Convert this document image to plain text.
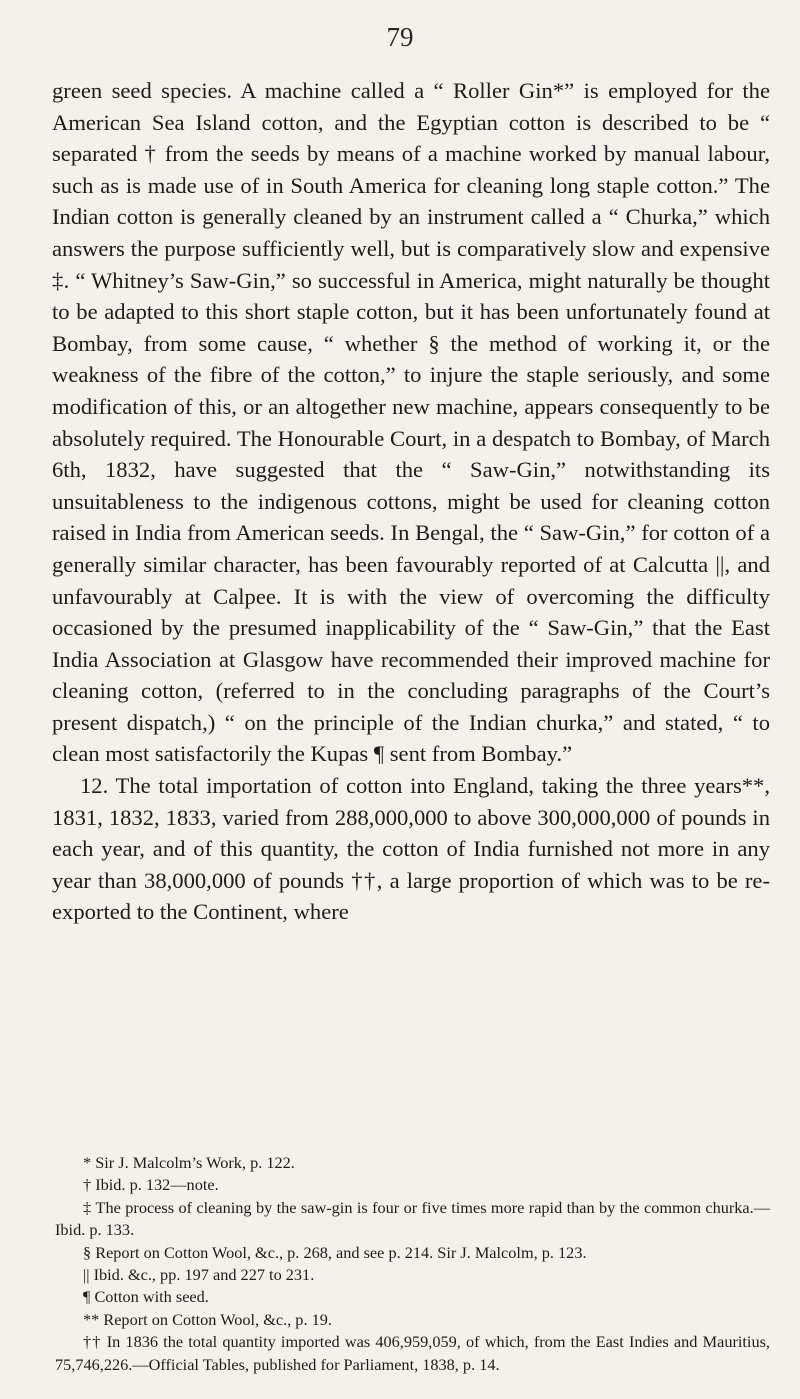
79

green seed species. A machine called a “ Roller Gin*” is employed for the American Sea Island cotton, and the Egyptian cotton is described to be “ separated † from the seeds by means of a machine worked by manual labour, such as is made use of in South America for cleaning long staple cotton.” The Indian cotton is generally cleaned by an instrument called a “ Churka,” which answers the purpose sufficiently well, but is comparatively slow and expensive ‡. “ Whitney’s Saw-Gin,” so successful in America, might naturally be thought to be adapted to this short staple cotton, but it has been unfortunately found at Bombay, from some cause, “ whether § the method of working it, or the weakness of the fibre of the cotton,” to injure the staple seriously, and some modification of this, or an altogether new machine, appears consequently to be absolutely required. The Honourable Court, in a despatch to Bombay, of March 6th, 1832, have suggested that the “ Saw-Gin,” notwithstanding its unsuitableness to the indigenous cottons, might be used for cleaning cotton raised in India from American seeds. In Bengal, the “ Saw-Gin,” for cotton of a generally similar character, has been favourably reported of at Calcutta ||, and unfavourably at Calpee. It is with the view of overcoming the difficulty occasioned by the presumed inapplicability of the “ Saw-Gin,” that the East India Association at Glasgow have recommended their improved machine for cleaning cotton, (referred to in the concluding paragraphs of the Court’s present dispatch,) “ on the principle of the Indian churka,” and stated, “ to clean most satisfactorily the Kupas ¶ sent from Bombay.”

12. The total importation of cotton into England, taking the three years**, 1831, 1832, 1833, varied from 288,000,000 to above 300,000,000 of pounds in each year, and of this quantity, the cotton of India furnished not more in any year than 38,000,000 of pounds ††, a large proportion of which was to be re-exported to the Continent, where

* Sir J. Malcolm’s Work, p. 122.

† Ibid. p. 132—note.

‡ The process of cleaning by the saw-gin is four or five times more rapid than by the common churka.—Ibid. p. 133.

§ Report on Cotton Wool, &c., p. 268, and see p. 214. Sir J. Malcolm, p. 123.

|| Ibid. &c., pp. 197 and 227 to 231.

¶ Cotton with seed.

** Report on Cotton Wool, &c., p. 19.

†† In 1836 the total quantity imported was 406,959,059, of which, from the East Indies and Mauritius, 75,746,226.—Official Tables, published for Parliament, 1838, p. 14.
